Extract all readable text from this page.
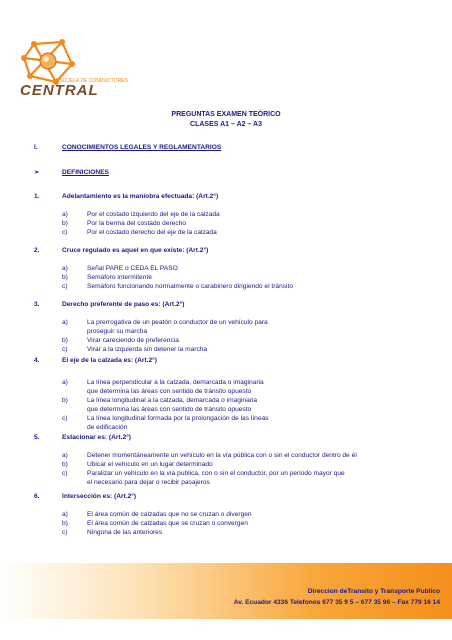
ESCUELA DE CONDUCTORES
CENTRAL
PREGUNTAS EXAMEN TEÓRICO
CLASES A1 – A2 – A3
I.	CONOCIMIENTOS LEGALES Y REGLAMENTARIOS
➢	DEFINICIONES
1.	Adelantamiento es la maniobra efectuada: (Art.2°)
a)	Por el costado izquierdo del eje de la calzada
b)	Por la berma del costado derecho
c)	Por el costado derecho del eje de la calzada
2.	Cruce regulado es aquel en que existe: (Art.2°)
a)	Señal PARE o CEDA EL PASO
b)	Semáforo intermitente
c)	Semáforo funcionando normalmente o carabinero dirigiendo el tránsito
3.	Derecho preferente de paso es: (Art.2°)
a)	La prerrogativa de un peatón o conductor de un vehículo para
proseguir su marcha
b)	Virar careciendo de preferencia
c)	Virar a la izquierda sin detener la marcha
4.	El eje de la calzada es: (Art.2°)
a)	La línea perpendicular a la calzada, demarcada o imaginaria
que determina las áreas con sentido de tránsito opuesto
b)	La línea longitudinal a la calzada, demarcada o imaginaria
que determina las áreas con sentido de tránsito opuesto
c)	La línea longitudinal formada por la prolongación de las líneas
de edificación
5.	Estacionar es: (Art.2°)
a)	Detener momentáneamente un vehículo en la vía pública con o sin el conductor dentro de él
b)	Ubicar el vehículo en un lugar determinado
c)	Paralizar un vehículo en la vía publica, con o sin el conductor, por un periodo mayor que
el necesario para dejar o recibir pasajeros
6.	Intersección es: (Art.2°)
a)	El área común de calzadas que no se cruzan o divergen
b)	El área común de calzadas que se cruzan o convergen
c)	Ninguna de las anteriores
Direccion deTransito y Transporte Publico
Av. Ecuador 4336 Telefonos 677 35 9 5 – 677 35 96 – Fax 779 16 14
